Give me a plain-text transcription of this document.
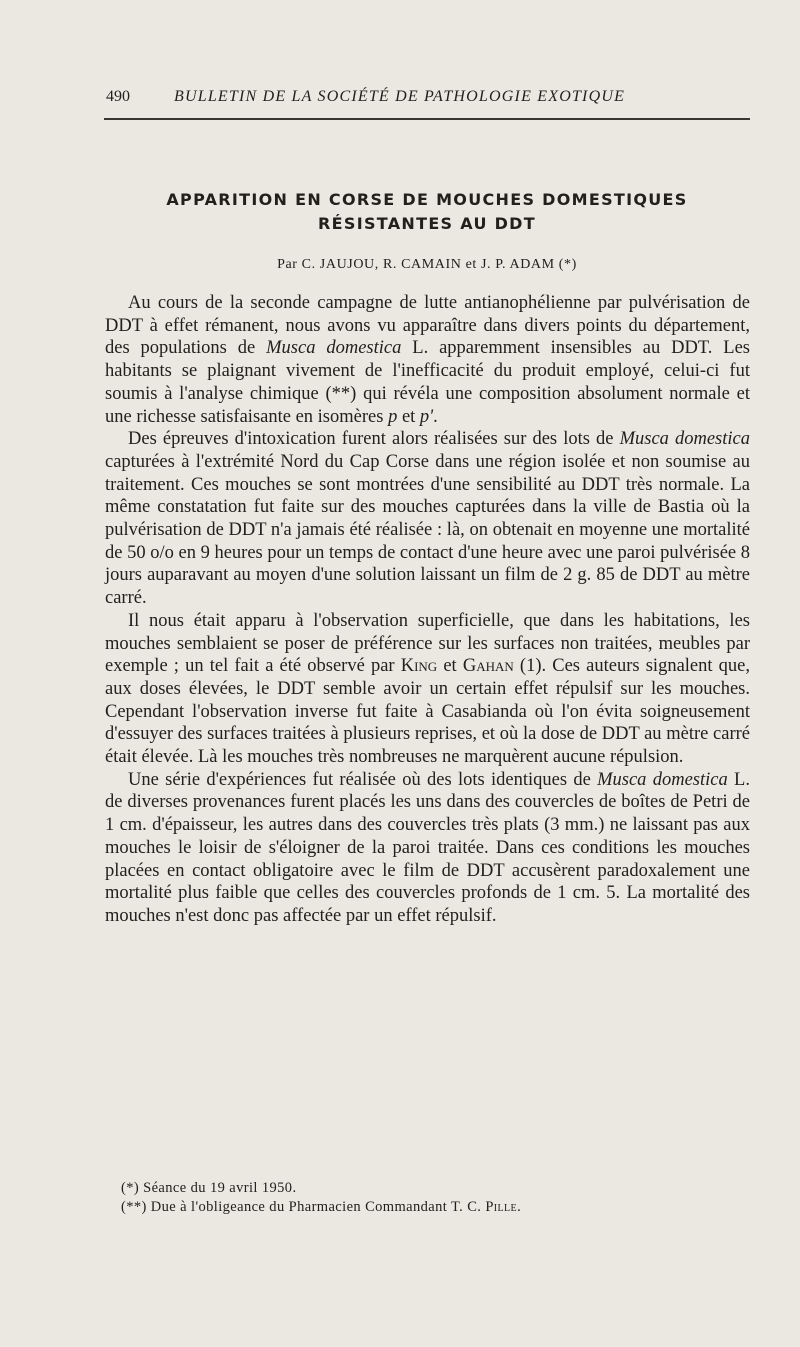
490	BULLETIN DE LA SOCIÉTÉ DE PATHOLOGIE EXOTIQUE
APPARITION EN CORSE DE MOUCHES DOMESTIQUES
RÉSISTANTES AU DDT
Par C. JAUJOU, R. CAMAIN et J. P. ADAM (*)

Au cours de la seconde campagne de lutte antianophélienne par pulvérisation de DDT à effet rémanent, nous avons vu apparaître dans divers points du département, des populations de Musca domestica L. apparemment insensibles au DDT. Les habitants se plaignant vivement de l'inefficacité du produit employé, celui-ci fut soumis à l'analyse chimique (**) qui révéla une composition absolument normale et une richesse satisfaisante en isomères p et p'.

Des épreuves d'intoxication furent alors réalisées sur des lots de Musca domestica capturées à l'extrémité Nord du Cap Corse dans une région isolée et non soumise au traitement. Ces mouches se sont montrées d'une sensibilité au DDT très normale. La même constatation fut faite sur des mouches capturées dans la ville de Bastia où la pulvérisation de DDT n'a jamais été réalisée : là, on obtenait en moyenne une mortalité de 50 o/o en 9 heures pour un temps de contact d'une heure avec une paroi pulvérisée 8 jours auparavant au moyen d'une solution laissant un film de 2 g. 85 de DDT au mètre carré.

Il nous était apparu à l'observation superficielle, que dans les habitations, les mouches semblaient se poser de préférence sur les surfaces non traitées, meubles par exemple ; un tel fait a été observé par King et Gahan (1). Ces auteurs signalent que, aux doses élevées, le DDT semble avoir un certain effet répulsif sur les mouches. Cependant l'observation inverse fut faite à Casabianda où l'on évita soigneusement d'essuyer des surfaces traitées à plusieurs reprises, et où la dose de DDT au mètre carré était élevée. Là les mouches très nombreuses ne marquèrent aucune répulsion.

Une série d'expériences fut réalisée où des lots identiques de Musca domestica L. de diverses provenances furent placés les uns dans des couvercles de boîtes de Petri de 1 cm. d'épaisseur, les autres dans des couvercles très plats (3 mm.) ne laissant pas aux mouches le loisir de s'éloigner de la paroi traitée. Dans ces conditions les mouches placées en contact obligatoire avec le film de DDT accusèrent paradoxalement une mortalité plus faible que celles des couvercles profonds de 1 cm. 5. La mortalité des mouches n'est donc pas affectée par un effet répulsif.

(*) Séance du 19 avril 1950.
(**) Due à l'obligeance du Pharmacien Commandant T. C. Pille.
